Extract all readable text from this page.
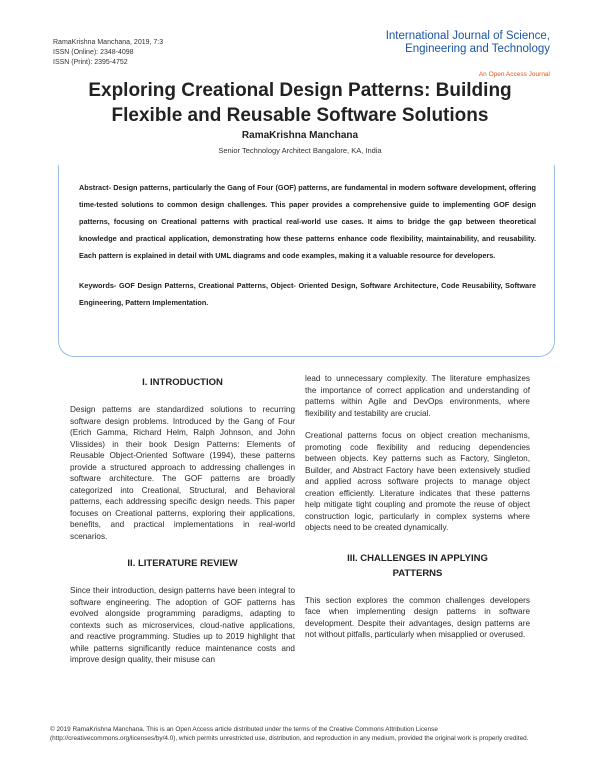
RamaKrishna Manchana, 2019, 7:3
ISSN (Online): 2348-4098
ISSN (Print): 2395-4752
International Journal of Science,
Engineering and Technology
An Open Access Journal
Exploring Creational Design Patterns: Building
Flexible and Reusable Software Solutions
RamaKrishna Manchana
Senior Technology Architect Bangalore, KA, India

Abstract- Design patterns, particularly the Gang of Four (GOF) patterns, are fundamental in modern software development, offering time-tested solutions to common design challenges. This paper provides a comprehensive guide to implementing GOF design patterns, focusing on Creational patterns with practical real-world use cases. It aims to bridge the gap between theoretical knowledge and practical application, demonstrating how these patterns enhance code flexibility, maintainability, and reusability. Each pattern is explained in detail with UML diagrams and code examples, making it a valuable resource for developers.

Keywords- GOF Design Patterns, Creational Patterns, Object- Oriented Design, Software Architecture, Code Reusability, Software Engineering, Pattern Implementation.

I. INTRODUCTION

Design patterns are standardized solutions to recurring software design problems. Introduced by the Gang of Four (Erich Gamma, Richard Helm, Ralph Johnson, and John Vlissides) in their book Design Patterns: Elements of Reusable Object-Oriented Software (1994), these patterns provide a structured approach to addressing challenges in software architecture. The GOF patterns are broadly categorized into Creational, Structural, and Behavioral patterns, each addressing specific design needs. This paper focuses on Creational patterns, exploring their applications, benefits, and practical implementations in real-world scenarios.

II. LITERATURE REVIEW

Since their introduction, design patterns have been integral to software engineering. The adoption of GOF patterns has evolved alongside programming paradigms, adapting to contexts such as microservices, cloud-native applications, and reactive programming. Studies up to 2019 highlight that while patterns significantly reduce maintenance costs and improve design quality, their misuse can

lead to unnecessary complexity. The literature emphasizes the importance of correct application and understanding of patterns within Agile and DevOps environments, where flexibility and testability are crucial.

Creational patterns focus on object creation mechanisms, promoting code flexibility and reducing dependencies between objects. Key patterns such as Factory, Singleton, Builder, and Abstract Factory have been extensively studied and applied across software projects to manage object creation efficiently. Literature indicates that these patterns help mitigate tight coupling and promote the reuse of object construction logic, particularly in complex systems where objects need to be created dynamically.

III. CHALLENGES IN APPLYING
PATTERNS

This section explores the common challenges developers face when implementing design patterns in software development. Despite their advantages, design patterns are not without pitfalls, particularly when misapplied or overused.

© 2019 RamaKrishna Manchana. This is an Open Access article distributed under the terms of the Creative Commons Attribution License (http://creativecommons.org/licenses/by/4.0), which permits unrestricted use, distribution, and reproduction in any medium, provided the original work is properly credited.
